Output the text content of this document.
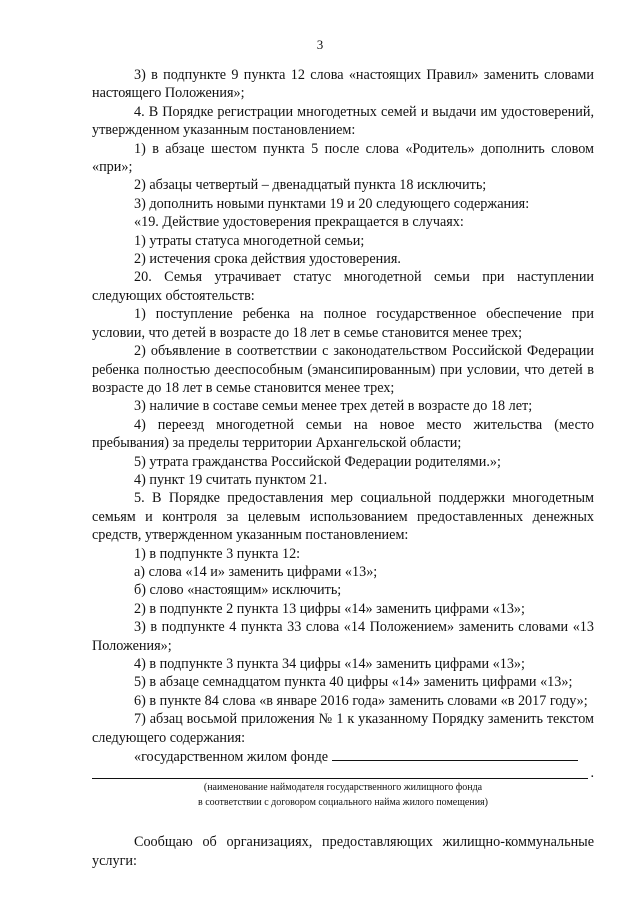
3

3) в подпункте 9 пункта 12 слова «настоящих Правил» заменить словами настоящего Положения»;

4. В Порядке регистрации многодетных семей и выдачи им удостоверений, утвержденном указанным постановлением:

1) в абзаце шестом пункта 5 после слова «Родитель» дополнить словом «при»;

2) абзацы четвертый – двенадцатый пункта 18 исключить;

3) дополнить новыми пунктами 19 и 20 следующего содержания:

«19. Действие удостоверения прекращается в случаях:

1) утраты статуса многодетной семьи;

2) истечения срока действия удостоверения.

20. Семья утрачивает статус многодетной семьи при наступлении следующих обстоятельств:

1) поступление ребенка на полное государственное обеспечение при условии, что детей в возрасте до 18 лет в семье становится менее трех;

2) объявление в соответствии с законодательством Российской Федерации ребенка полностью дееспособным (эмансипированным) при условии, что детей в возрасте до 18 лет в семье становится менее трех;

3) наличие в составе семьи менее трех детей в возрасте до 18 лет;

4) переезд многодетной семьи на новое место жительства (место пребывания) за пределы территории Архангельской области;

5) утрата гражданства Российской Федерации родителями.»;

4) пункт 19 считать пунктом 21.

5. В Порядке предоставления мер социальной поддержки многодетным семьям и контроля за целевым использованием предоставленных денежных средств, утвержденном указанным постановлением:

1) в подпункте 3 пункта 12:

а) слова «14 и» заменить цифрами «13»;

б) слово «настоящим» исключить;

2) в подпункте 2 пункта 13 цифры «14» заменить цифрами «13»;

3) в подпункте 4 пункта 33 слова «14 Положением» заменить словами «13 Положения»;

4) в подпункте 3 пункта 34 цифры «14» заменить цифрами «13»;

5) в абзаце семнадцатом пункта 40 цифры «14» заменить цифрами «13»;

6) в пункте 84 слова «в январе 2016 года» заменить словами «в 2017 году»;

7) абзац восьмой приложения № 1 к указанному Порядку заменить текстом следующего содержания:

«государственном жилом фонде

.

(наименование наймодателя государственного жилищного фонда

в соответствии с договором социального найма жилого помещения)

Сообщаю об организациях, предоставляющих жилищно-коммунальные услуги:
